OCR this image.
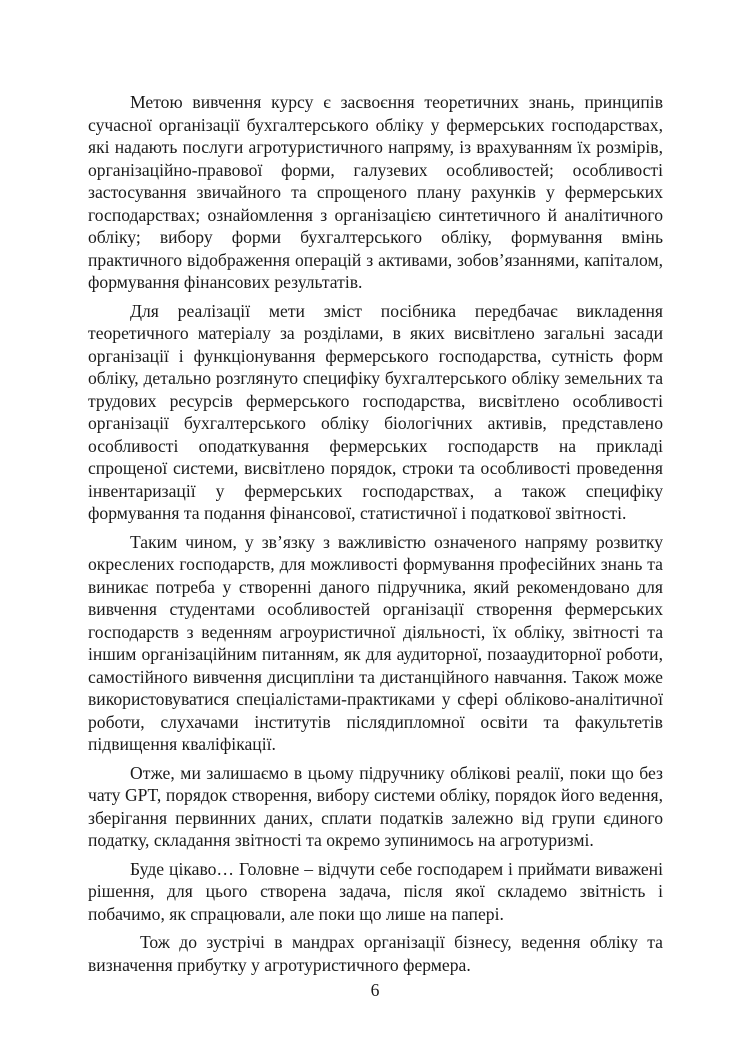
Метою вивчення курсу є засвоєння теоретичних знань, принципів сучасної організації бухгалтерського обліку у фермерських господарствах, які надають послуги агротуристичного напряму, із врахуванням їх розмірів, організаційно-правової форми, галузевих особливостей; особливості застосування звичайного та спрощеного плану рахунків у фермерських господарствах; ознайомлення з організацією синтетичного й аналітичного обліку; вибору форми бухгалтерського обліку, формування вмінь практичного відображення операцій з активами, зобов’язаннями, капіталом, формування фінансових результатів.

Для реалізації мети зміст посібника передбачає викладення теоретичного матеріалу за розділами, в яких висвітлено загальні засади організації і функціонування фермерського господарства, сутність форм обліку, детально розглянуто специфіку бухгалтерського обліку земельних та трудових ресурсів фермерського господарства, висвітлено особливості організації бухгалтерського обліку біологічних активів, представлено особливості оподаткування фермерських господарств на прикладі спрощеної системи, висвітлено порядок, строки та особливості проведення інвентаризації у фермерських господарствах, а також специфіку формування та подання фінансової, статистичної і податкової звітності.

Таким чином, у зв’язку з важливістю означеного напряму розвитку окреслених господарств, для можливості формування професійних знань та виникає потреба у створенні даного підручника, який рекомендовано для вивчення студентами особливостей організації створення фермерських господарств з веденням агроуристичної діяльності, їх обліку, звітності та іншим організаційним питанням, як для аудиторної, позааудиторної роботи, самостійного вивчення дисципліни та дистанційного навчання. Також може використовуватися спеціалістами-практиками у сфері обліково-аналітичної роботи, слухачами інститутів післядипломної освіти та факультетів підвищення кваліфікації.

Отже, ми залишаємо в цьому підручнику облікові реалії, поки що без чату GPT, порядок створення, вибору системи обліку, порядок його ведення, зберігання первинних даних, сплати податків залежно від групи єдиного податку, складання звітності та окремо зупинимось на агротуризмі.

Буде цікаво… Головне – відчути себе господарем і приймати виважені рішення, для цього створена задача, після якої складемо звітність і побачимо, як спрацювали, але поки що лише на папері.

Тож до зустрічі в мандрах організації бізнесу, ведення обліку та визначення прибутку у агротуристичного фермера.

6
